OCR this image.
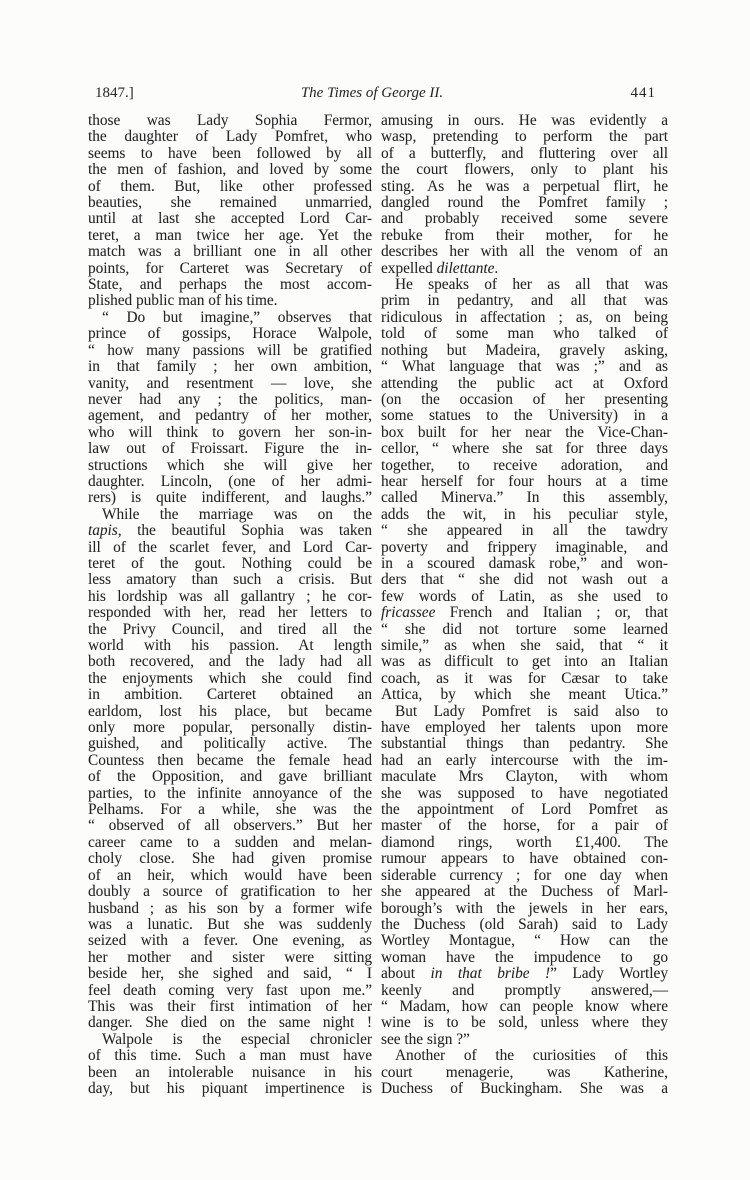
1847.]	The Times of George II.	441
those was Lady Sophia Fermor,
the daughter of Lady Pomfret, who
seems to have been followed by all
the men of fashion, and loved by some
of them. But, like other professed
beauties, she remained unmarried,
until at last she accepted Lord Car-
teret, a man twice her age. Yet the
match was a brilliant one in all other
points, for Carteret was Secretary of
State, and perhaps the most accom-
plished public man of his time.
“ Do but imagine,” observes that
prince of gossips, Horace Walpole,
“ how many passions will be gratified
in that family ; her own ambition,
vanity, and resentment — love, she
never had any ; the politics, man-
agement, and pedantry of her mother,
who will think to govern her son-in-
law out of Froissart. Figure the in-
structions which she will give her
daughter. Lincoln, (one of her admi-
rers) is quite indifferent, and laughs.”
While the marriage was on the
tapis, the beautiful Sophia was taken
ill of the scarlet fever, and Lord Car-
teret of the gout. Nothing could be
less amatory than such a crisis. But
his lordship was all gallantry ; he cor-
responded with her, read her letters to
the Privy Council, and tired all the
world with his passion. At length
both recovered, and the lady had all
the enjoyments which she could find
in ambition. Carteret obtained an
earldom, lost his place, but became
only more popular, personally distin-
guished, and politically active. The
Countess then became the female head
of the Opposition, and gave brilliant
parties, to the infinite annoyance of the
Pelhams. For a while, she was the
“ observed of all observers.” But her
career came to a sudden and melan-
choly close. She had given promise
of an heir, which would have been
doubly a source of gratification to her
husband ; as his son by a former wife
was a lunatic. But she was suddenly
seized with a fever. One evening, as
her mother and sister were sitting
beside her, she sighed and said, “ I
feel death coming very fast upon me.”
This was their first intimation of her
danger. She died on the same night !
Walpole is the especial chronicler
of this time. Such a man must have
been an intolerable nuisance in his
day, but his piquant impertinence is
amusing in ours. He was evidently a
wasp, pretending to perform the part
of a butterfly, and fluttering over all
the court flowers, only to plant his
sting. As he was a perpetual flirt, he
dangled round the Pomfret family ;
and probably received some severe
rebuke from their mother, for he
describes her with all the venom of an
expelled dilettante.
He speaks of her as all that was
prim in pedantry, and all that was
ridiculous in affectation ; as, on being
told of some man who talked of
nothing but Madeira, gravely asking,
“ What language that was ;” and as
attending the public act at Oxford
(on the occasion of her presenting
some statues to the University) in a
box built for her near the Vice-Chan-
cellor, “ where she sat for three days
together, to receive adoration, and
hear herself for four hours at a time
called Minerva.” In this assembly,
adds the wit, in his peculiar style,
“ she appeared in all the tawdry
poverty and frippery imaginable, and
in a scoured damask robe,” and won-
ders that “ she did not wash out a
few words of Latin, as she used to
fricassee French and Italian ; or, that
“ she did not torture some learned
simile,” as when she said, that “ it
was as difficult to get into an Italian
coach, as it was for Cæsar to take
Attica, by which she meant Utica.”
But Lady Pomfret is said also to
have employed her talents upon more
substantial things than pedantry. She
had an early intercourse with the im-
maculate Mrs Clayton, with whom
she was supposed to have negotiated
the appointment of Lord Pomfret as
master of the horse, for a pair of
diamond rings, worth £1,400. The
rumour appears to have obtained con-
siderable currency ; for one day when
she appeared at the Duchess of Marl-
borough’s with the jewels in her ears,
the Duchess (old Sarah) said to Lady
Wortley Montague, “ How can the
woman have the impudence to go
about in that bribe !” Lady Wortley
keenly and promptly answered,—
“ Madam, how can people know where
wine is to be sold, unless where they
see the sign ?”
Another of the curiosities of this
court menagerie, was Katherine,
Duchess of Buckingham. She was a
